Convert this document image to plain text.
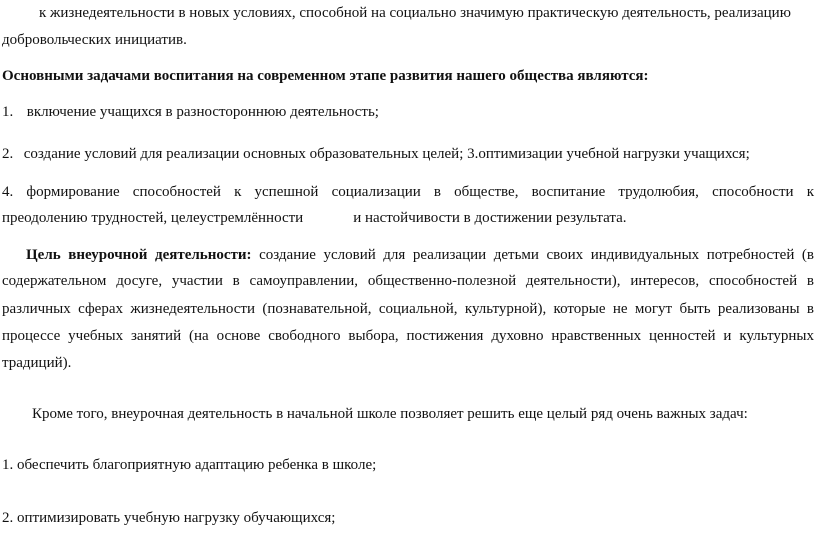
к жизнедеятельности в новых условиях, способной на социально значимую практическую деятельность, реализацию
добровольческих инициатив.
Основными задачами воспитания на современном этапе развития нашего общества являются:
1. включение учащихся в разностороннюю деятельность;
2. создание условий для реализации основных образовательных целей; 3.оптимизации учебной нагрузки учащихся;
4. формирование способностей к успешной социализации в обществе, воспитание трудолюбия, способности к
преодолению трудностей, целеустремлённости	и настойчивости в достижении результата.
Цель внеурочной деятельности: создание условий для реализации детьми своих индивидуальных потребностей (в
содержательном досуге, участии в самоуправлении, общественно-полезной деятельности), интересов, способностей в
различных сферах жизнедеятельности (познавательной, социальной, культурной), которые не могут быть реализованы в
процессе учебных занятий (на основе свободного выбора, постижения духовно нравственных ценностей и культурных
традиций).
Кроме того, внеурочная деятельность в начальной школе позволяет решить еще целый ряд очень важных задач:
1. обеспечить благоприятную адаптацию ребенка в школе;
2. оптимизировать учебную нагрузку обучающихся;
